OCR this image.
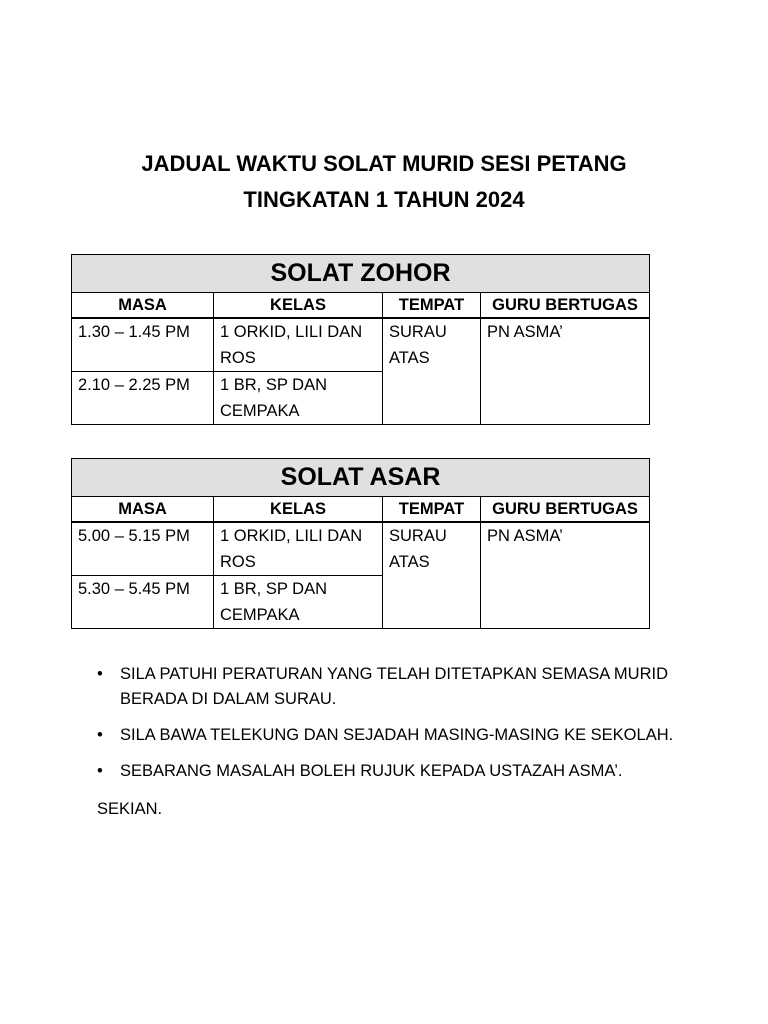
JADUAL WAKTU SOLAT MURID SESI PETANG
TINGKATAN 1 TAHUN 2024
SOLAT ZOHOR			
MASA	KELAS	TEMPAT	GURU BERTUGAS
1.30 – 1.45 PM	1 ORKID, LILI DAN ROS	SURAU ATAS	PN ASMA’
2.10 – 2.25 PM	1 BR, SP DAN CEMPAKA		
SOLAT ASAR			
MASA	KELAS	TEMPAT	GURU BERTUGAS
5.00 – 5.15 PM	1 ORKID, LILI DAN ROS	SURAU ATAS	PN ASMA’
5.30 – 5.45 PM	1 BR, SP DAN CEMPAKA		
• SILA PATUHI PERATURAN YANG TELAH DITETAPKAN SEMASA MURID BERADA DI DALAM SURAU.
• SILA BAWA TELEKUNG DAN SEJADAH MASING-MASING KE SEKOLAH.
• SEBARANG MASALAH BOLEH RUJUK KEPADA USTAZAH ASMA’.
SEKIAN.
